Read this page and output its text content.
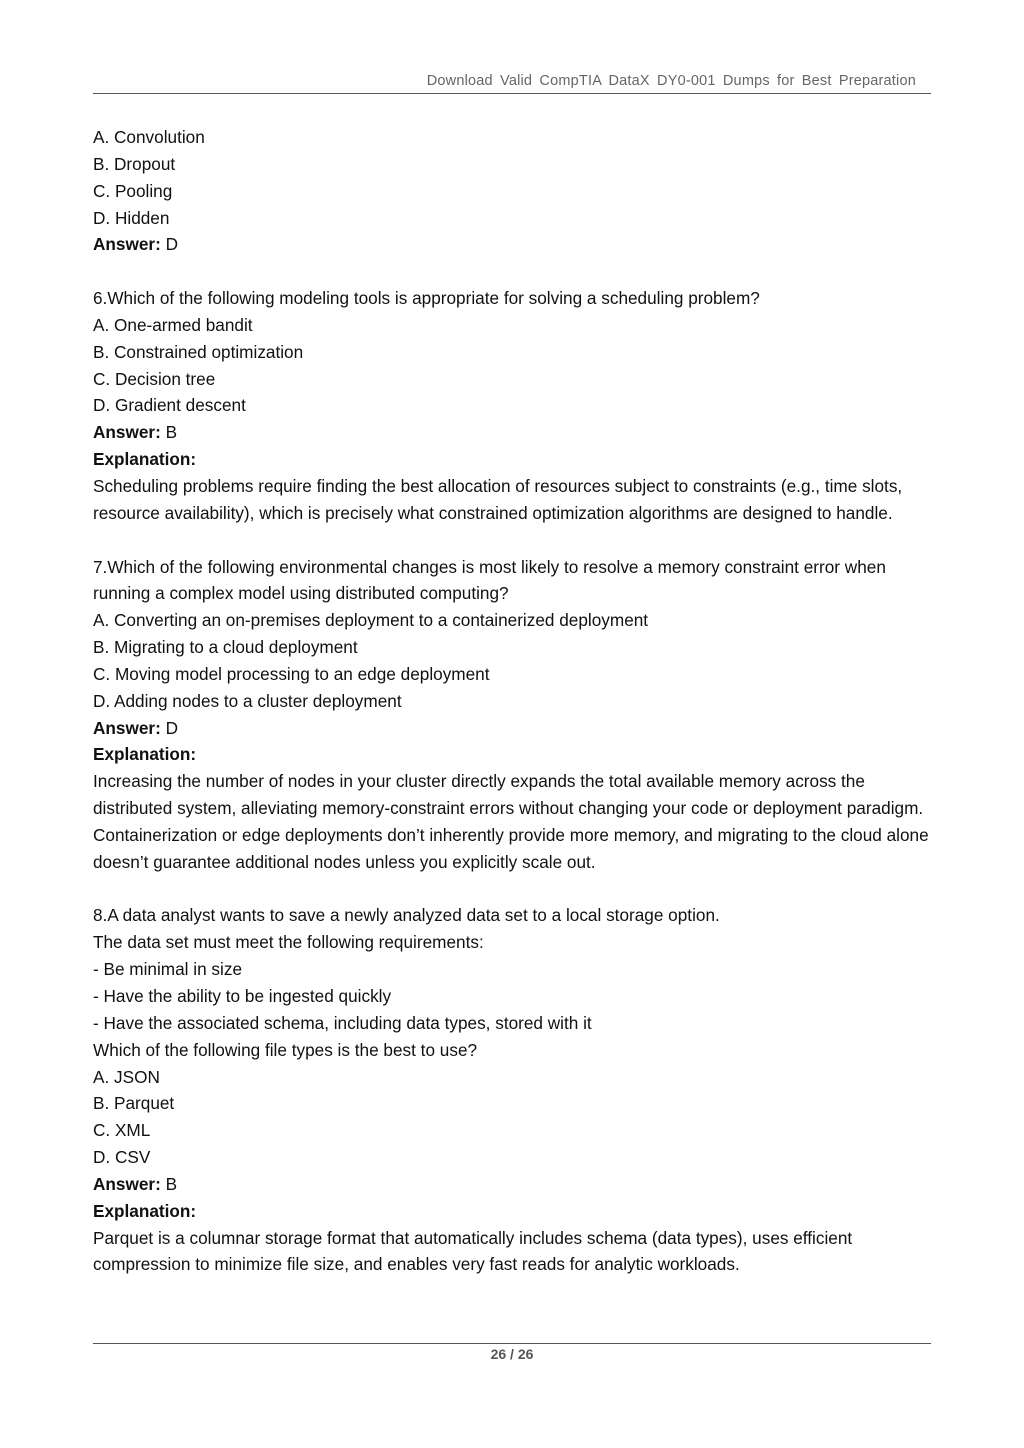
Download Valid CompTIA DataX DY0-001 Dumps for Best Preparation
A. Convolution
B. Dropout
C. Pooling
D. Hidden
Answer: D
6.Which of the following modeling tools is appropriate for solving a scheduling problem?
A. One-armed bandit
B. Constrained optimization
C. Decision tree
D. Gradient descent
Answer: B
Explanation:
Scheduling problems require finding the best allocation of resources subject to constraints (e.g., time slots, resource availability), which is precisely what constrained optimization algorithms are designed to handle.
7.Which of the following environmental changes is most likely to resolve a memory constraint error when running a complex model using distributed computing?
A. Converting an on-premises deployment to a containerized deployment
B. Migrating to a cloud deployment
C. Moving model processing to an edge deployment
D. Adding nodes to a cluster deployment
Answer: D
Explanation:
Increasing the number of nodes in your cluster directly expands the total available memory across the distributed system, alleviating memory-constraint errors without changing your code or deployment paradigm. Containerization or edge deployments don’t inherently provide more memory, and migrating to the cloud alone doesn’t guarantee additional nodes unless you explicitly scale out.
8.A data analyst wants to save a newly analyzed data set to a local storage option.
The data set must meet the following requirements:
- Be minimal in size
- Have the ability to be ingested quickly
- Have the associated schema, including data types, stored with it
Which of the following file types is the best to use?
A. JSON
B. Parquet
C. XML
D. CSV
Answer: B
Explanation:
Parquet is a columnar storage format that automatically includes schema (data types), uses efficient compression to minimize file size, and enables very fast reads for analytic workloads.
26 / 26
